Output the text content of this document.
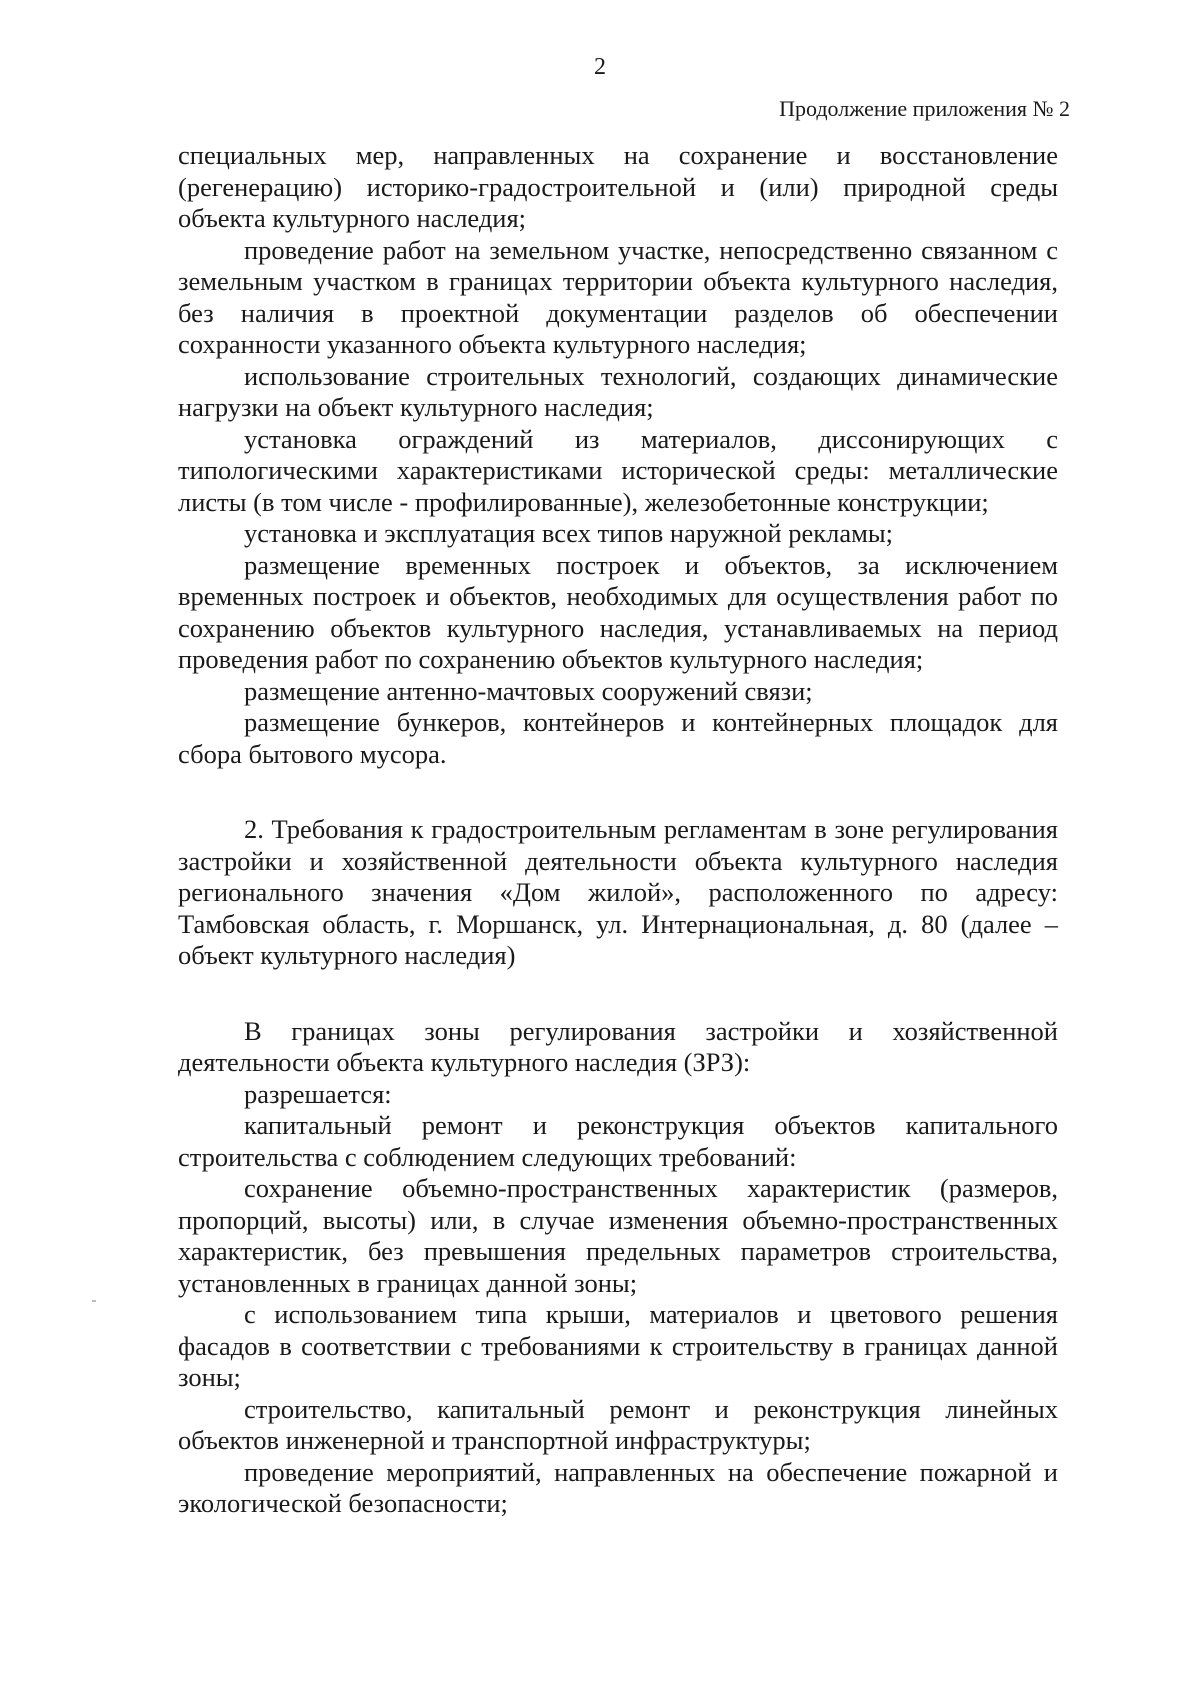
2
Продолжение приложения № 2

специальных мер, направленных на сохранение и восстановление (регенерацию) историко-градостроительной и (или) природной среды объекта культурного наследия;

проведение работ на земельном участке, непосредственно связанном с земельным участком в границах территории объекта культурного наследия, без наличия в проектной документации разделов об обеспечении сохранности указанного объекта культурного наследия;

использование строительных технологий, создающих динамические нагрузки на объект культурного наследия;

установка ограждений из материалов, диссонирующих с типологическими характеристиками исторической среды: металлические листы (в том числе - профилированные), железобетонные конструкции;

установка и эксплуатация всех типов наружной рекламы;

размещение временных построек и объектов, за исключением временных построек и объектов, необходимых для осуществления работ по сохранению объектов культурного наследия, устанавливаемых на период проведения работ по сохранению объектов культурного наследия;

размещение антенно-мачтовых сооружений связи;

размещение бункеров, контейнеров и контейнерных площадок для сбора бытового мусора.

2. Требования к градостроительным регламентам в зоне регулирования застройки и хозяйственной деятельности объекта культурного наследия регионального значения «Дом жилой», расположенного по адресу: Тамбовская область, г. Моршанск, ул. Интернациональная, д. 80 (далее – объект культурного наследия)

В границах зоны регулирования застройки и хозяйственной деятельности объекта культурного наследия (ЗРЗ):

разрешается:

капитальный ремонт и реконструкция объектов капитального строительства с соблюдением следующих требований:

сохранение объемно-пространственных характеристик (размеров, пропорций, высоты) или, в случае изменения объемно-пространственных характеристик, без превышения предельных параметров строительства, установленных в границах данной зоны;

с использованием типа крыши, материалов и цветового решения фасадов в соответствии с требованиями к строительству в границах данной зоны;

строительство, капитальный ремонт и реконструкция линейных объектов инженерной и транспортной инфраструктуры;

проведение мероприятий, направленных на обеспечение пожарной и экологической безопасности;
